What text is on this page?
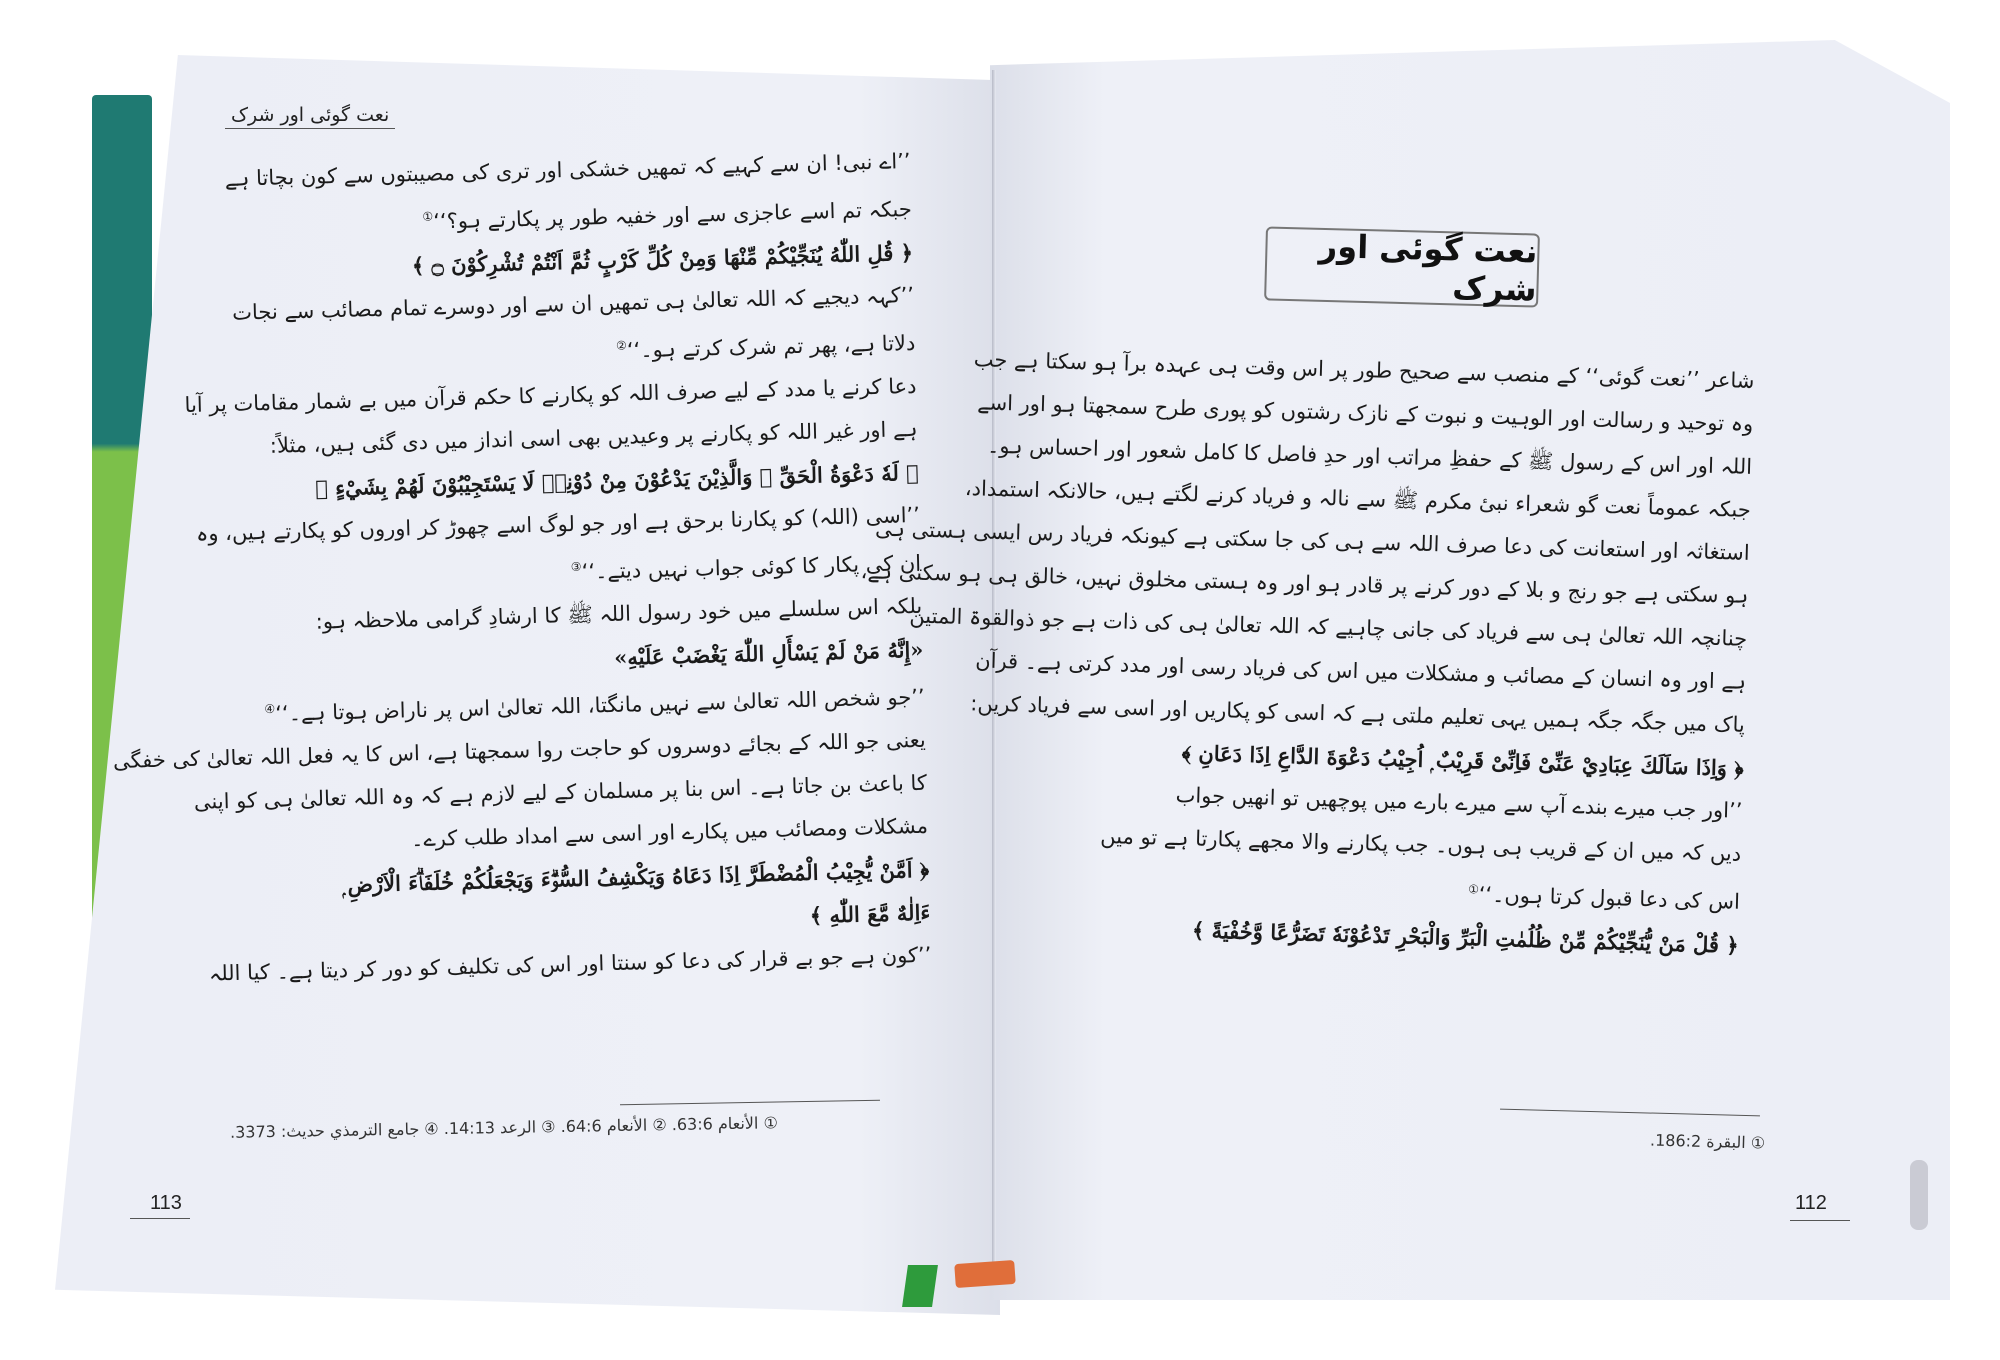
نعت گوئی اور شرک

’’اے نبی! ان سے کہیے کہ تمھیں خشکی اور تری کی مصیبتوں سے کون بچاتا ہے

جبکہ تم اسے عاجزی سے اور خفیہ طور پر پکارتے ہو؟‘‘①

﴿ قُلِ اللّٰهُ يُنَجِّيْكُمْ مِّنْهَا وَمِنْ كُلِّ كَرْبٍ ثُمَّ اَنْتُمْ تُشْرِكُوْنَ ۝ ﴾

’’کہہ دیجیے کہ اللہ تعالیٰ ہی تمھیں ان سے اور دوسرے تمام مصائب سے نجات

دلاتا ہے، پھر تم شرک کرتے ہو۔‘‘②

دعا کرنے یا مدد کے لیے صرف اللہ کو پکارنے کا حکم قرآن میں بے شمار مقامات پر آیا

ہے اور غیر اللہ کو پکارنے پر وعیدیں بھی اسی انداز میں دی گئی ہیں، مثلاً:

﴿ لَهٗ دَعْوَةُ الْحَقِّ ۭ وَالَّذِيْنَ يَدْعُوْنَ مِنْ دُوْنِهٖ لَا يَسْتَجِيْبُوْنَ لَهُمْ بِشَيْءٍ ﴾

’’اسی (اللہ) کو پکارنا برحق ہے اور جو لوگ اسے چھوڑ کر اوروں کو پکارتے ہیں، وہ

ان کی پکار کا کوئی جواب نہیں دیتے۔‘‘③

بلکہ اس سلسلے میں خود رسول اللہ ﷺ کا ارشادِ گرامی ملاحظہ ہو:

«إِنَّهُ مَنْ لَمْ يَسْأَلِ اللّٰهَ يَغْضَبْ عَلَيْهِ»

’’جو شخص اللہ تعالیٰ سے نہیں مانگتا، اللہ تعالیٰ اس پر ناراض ہوتا ہے۔‘‘④

یعنی جو اللہ کے بجائے دوسروں کو حاجت روا سمجھتا ہے، اس کا یہ فعل اللہ تعالیٰ کی خفگی

کا باعث بن جاتا ہے۔ اس بنا پر مسلمان کے لیے لازم ہے کہ وہ اللہ تعالیٰ ہی کو اپنی

مشکلات ومصائب میں پکارے اور اسی سے امداد طلب کرے۔

﴿ اَمَّنْ يُّجِيْبُ الْمُضْطَرَّ اِذَا دَعَاهُ وَيَكْشِفُ السُّوْۗءَ وَيَجْعَلُكُمْ خُلَفَاۗءَ الْاَرْضِ ۭ

ءَاِلٰهٌ مَّعَ اللّٰهِ ﴾

’’کون ہے جو بے قرار کی دعا کو سنتا اور اس کی تکلیف کو دور کر دیتا ہے۔ کیا اللہ

نعت گوئی اور شرک

شاعر ’’نعت گوئی‘‘ کے منصب سے صحیح طور پر اس وقت ہی عہدہ برآ ہو سکتا ہے جب

وہ توحید و رسالت اور الوہیت و نبوت کے نازک رشتوں کو پوری طرح سمجھتا ہو اور اسے

اللہ اور اس کے رسول ﷺ کے حفظِ مراتب اور حدِ فاصل کا کامل شعور اور احساس ہو۔

جبکہ عموماً نعت گو شعراء نبیٔ مکرم ﷺ سے نالہ و فریاد کرنے لگتے ہیں، حالانکہ استمداد،

استغاثہ اور استعانت کی دعا صرف اللہ سے ہی کی جا سکتی ہے کیونکہ فریاد رس ایسی ہستی ہی

ہو سکتی ہے جو رنج و بلا کے دور کرنے پر قادر ہو اور وہ ہستی مخلوق نہیں، خالق ہی ہو سکتی ہے،

چنانچہ اللہ تعالیٰ ہی سے فریاد کی جانی چاہیے کہ اللہ تعالیٰ ہی کی ذات ہے جو ذوالقوۃ المتین

ہے اور وہ انسان کے مصائب و مشکلات میں اس کی فریاد رسی اور مدد کرتی ہے۔ قرآن

پاک میں جگہ جگہ ہمیں یہی تعلیم ملتی ہے کہ اسی کو پکاریں اور اسی سے فریاد کریں:

﴿ وَاِذَا سَاَلَكَ عِبَادِيْ عَنِّىْ فَاِنِّىْ قَرِيْبٌ ۭ اُجِيْبُ دَعْوَةَ الدَّاعِ اِذَا دَعَانِ ﴾

’’اور جب میرے بندے آپ سے میرے بارے میں پوچھیں تو انھیں جواب

دیں کہ میں ان کے قریب ہی ہوں۔ جب پکارنے والا مجھے پکارتا ہے تو میں

اس کی دعا قبول کرتا ہوں۔‘‘①

﴿ قُلْ مَنْ يُّنَجِّيْكُمْ مِّنْ ظُلُمٰتِ الْبَرِّ وَالْبَحْرِ تَدْعُوْنَهٗ تَضَرُّعًا وَّخُفْيَةً ﴾

① الأنعام 63:6. ② الأنعام 64:6. ③ الرعد 14:13. ④ جامع الترمذي حديث: 3373.
① البقرة 186:2.
113	112
